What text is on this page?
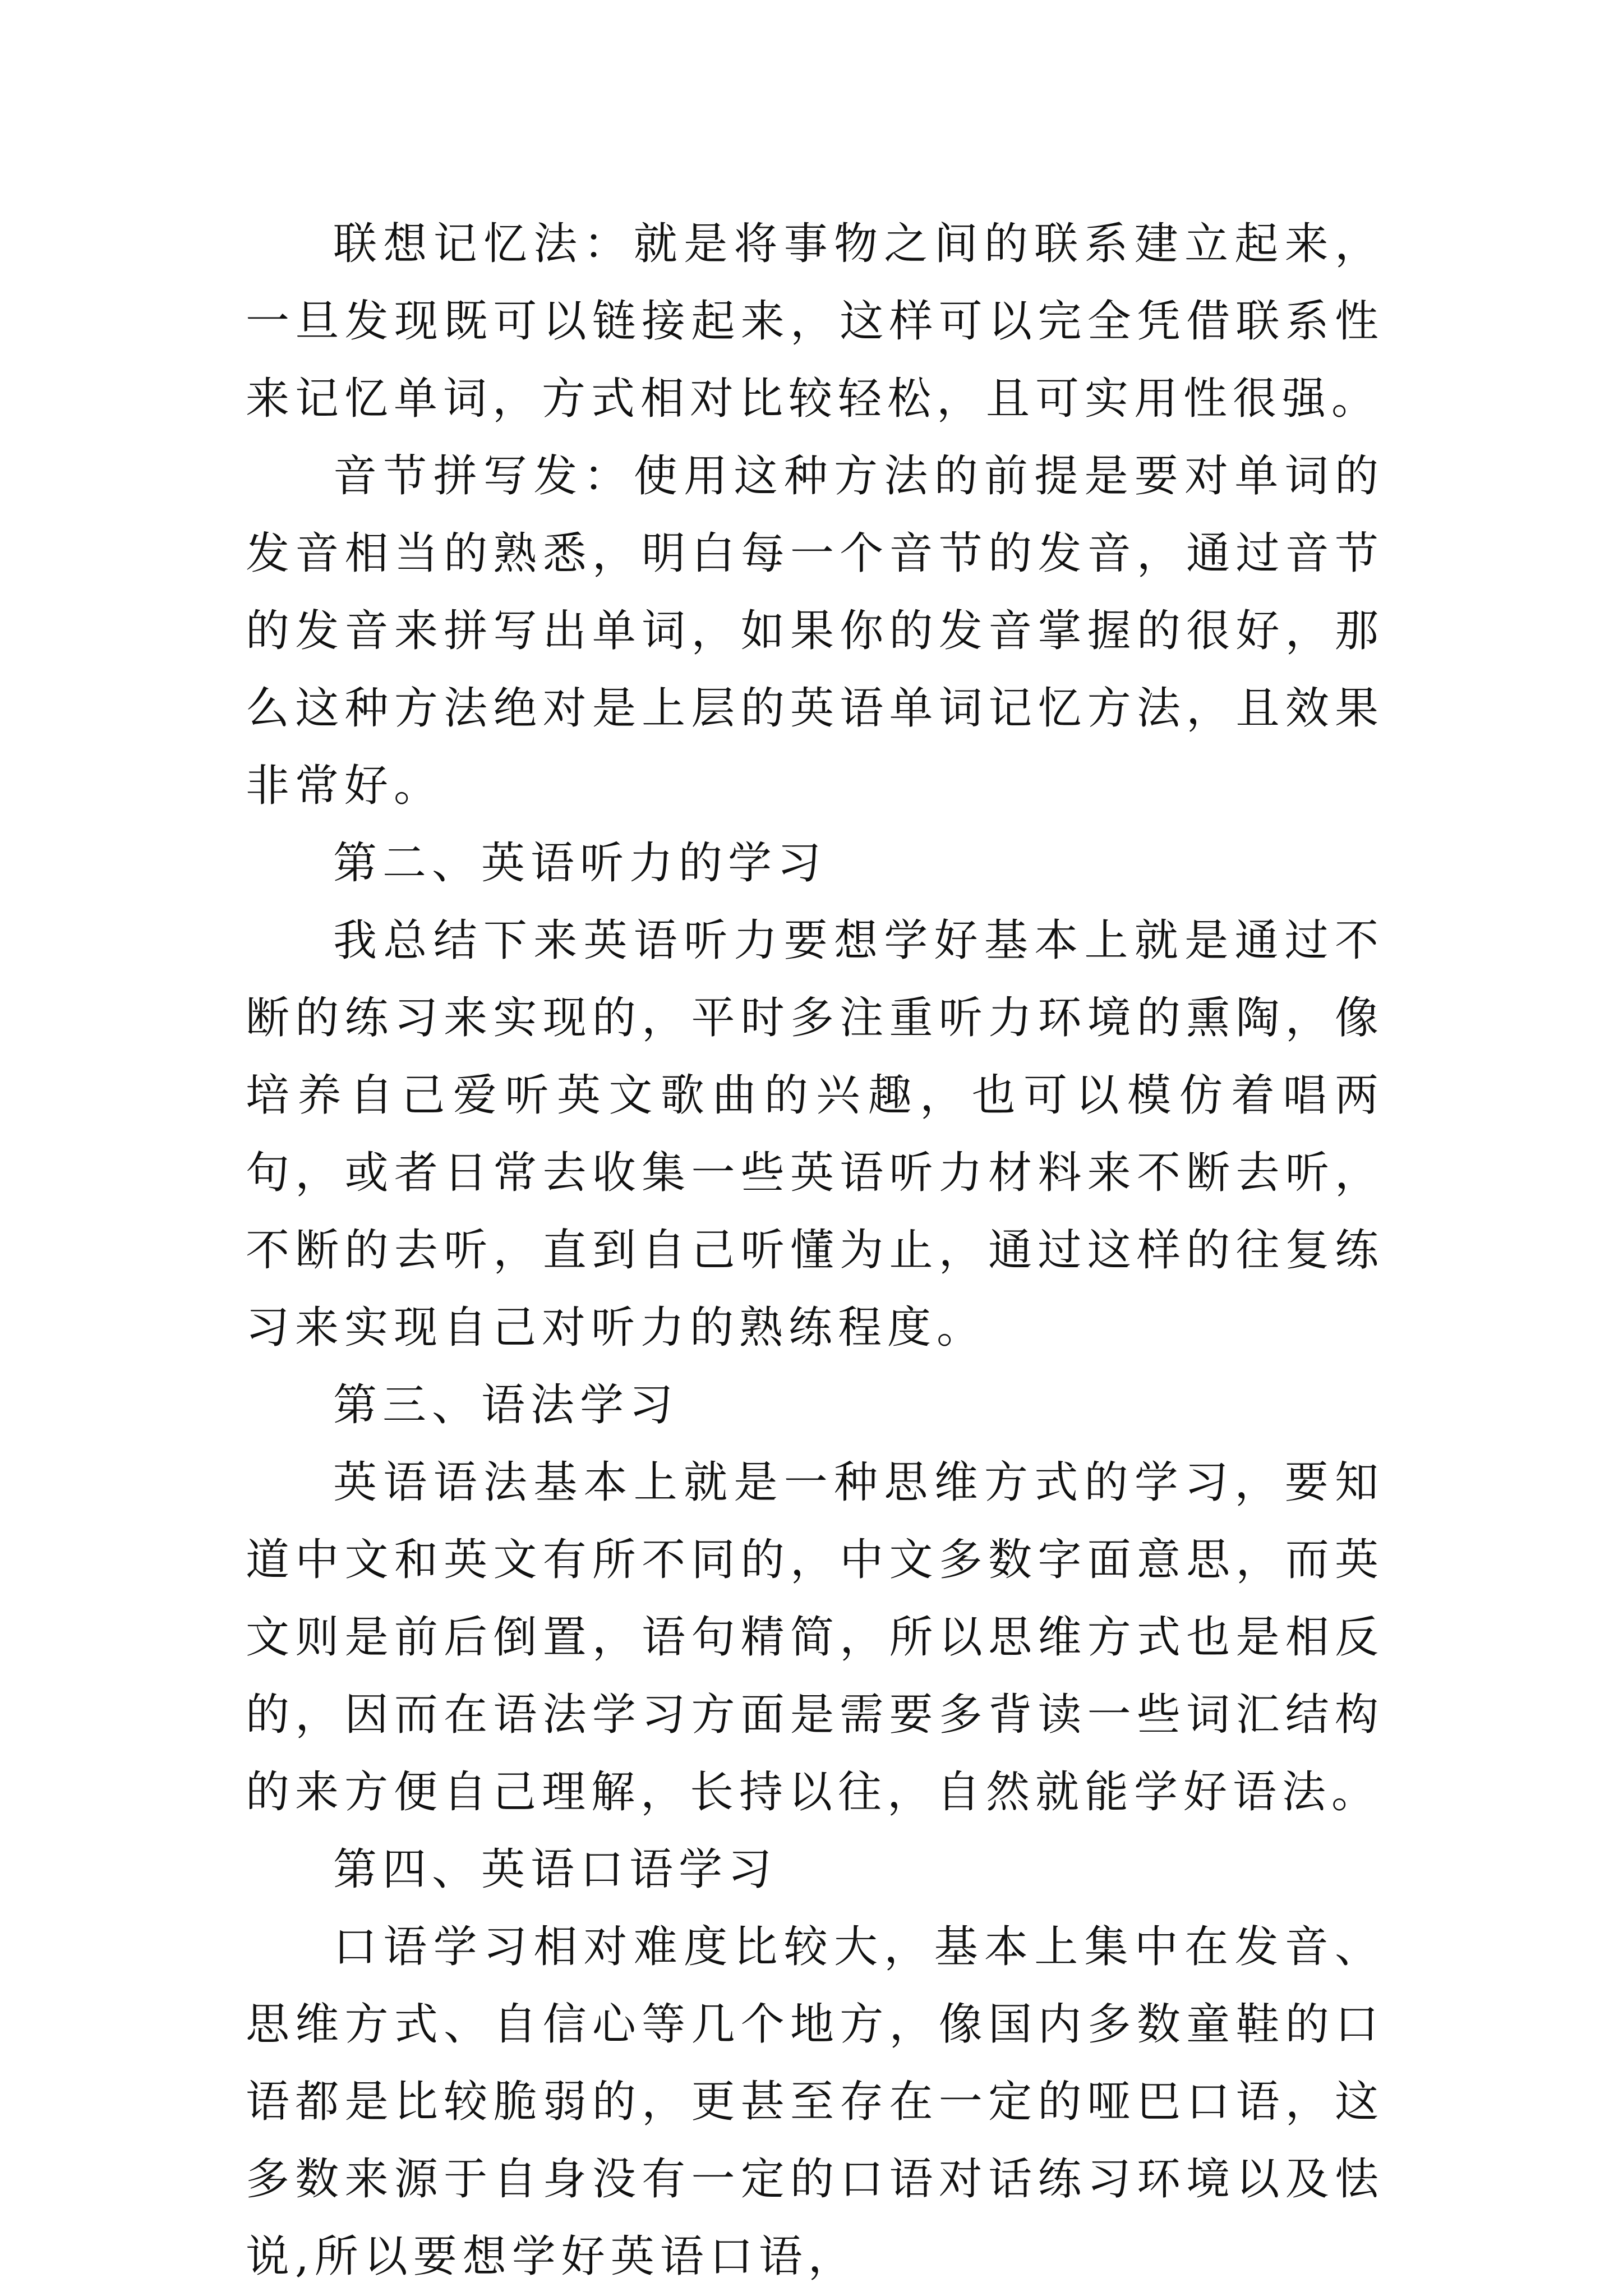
联想记忆法：就是将事物之间的联系建立起来，一旦发现既可以链接起来，这样可以完全凭借联系性来记忆单词，方式相对比较轻松，且可实用性很强。

音节拼写发：使用这种方法的前提是要对单词的发音相当的熟悉，明白每一个音节的发音，通过音节的发音来拼写出单词，如果你的发音掌握的很好，那么这种方法绝对是上层的英语单词记忆方法，且效果非常好。

第二、英语听力的学习

我总结下来英语听力要想学好基本上就是通过不断的练习来实现的，平时多注重听力环境的熏陶，像培养自己爱听英文歌曲的兴趣，也可以模仿着唱两句，或者日常去收集一些英语听力材料来不断去听，不断的去听，直到自己听懂为止，通过这样的往复练习来实现自己对听力的熟练程度。

第三、语法学习

英语语法基本上就是一种思维方式的学习，要知道中文和英文有所不同的，中文多数字面意思，而英文则是前后倒置，语句精简，所以思维方式也是相反的，因而在语法学习方面是需要多背读一些词汇结构的来方便自己理解，长持以往，自然就能学好语法。

第四、英语口语学习

口语学习相对难度比较大，基本上集中在发音、思维方式、自信心等几个地方，像国内多数童鞋的口语都是比较脆弱的，更甚至存在一定的哑巴口语，这多数来源于自身没有一定的口语对话练习环境以及怯说,所以要想学好英语口语，
